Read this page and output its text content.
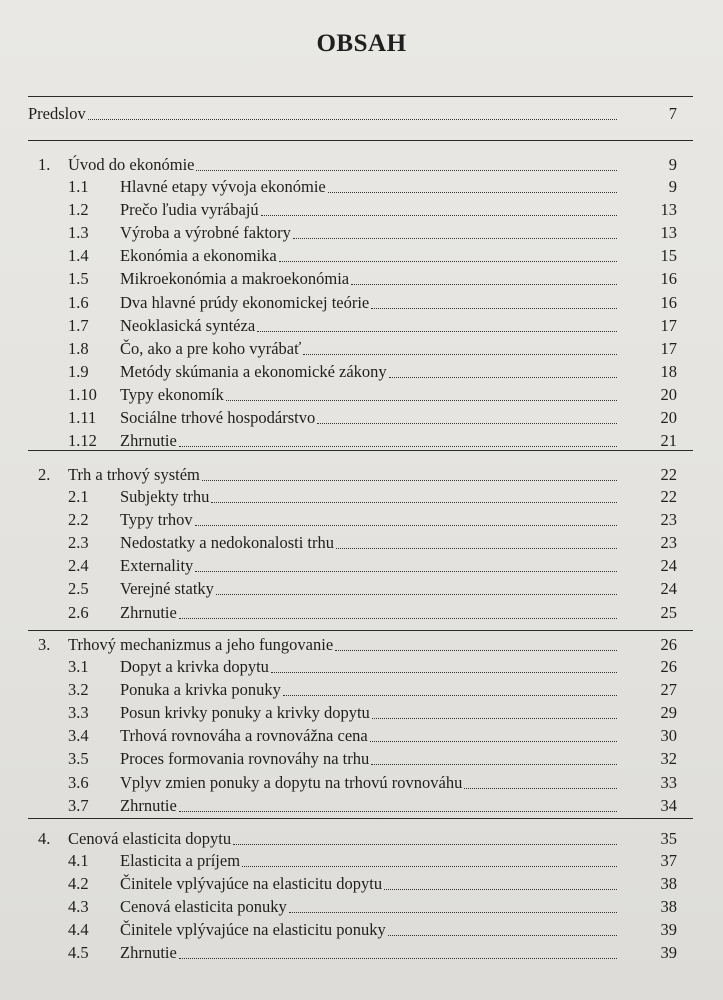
OBSAH
Predslov	7
1.	Úvod do ekonómie	9
1.1	Hlavné etapy vývoja ekonómie	9
1.2	Prečo ľudia vyrábajú	13
1.3	Výroba a výrobné faktory	13
1.4	Ekonómia a ekonomika	15
1.5	Mikroekonómia a makroekonómia	16
1.6	Dva hlavné prúdy ekonomickej teórie	16
1.7	Neoklasická syntéza	17
1.8	Čo, ako a pre koho vyrábať	17
1.9	Metódy skúmania a ekonomické zákony	18
1.10	Typy ekonomík	20
1.11	Sociálne trhové hospodárstvo	20
1.12	Zhrnutie	21
2.	Trh a trhový systém	22
2.1	Subjekty trhu	22
2.2	Typy trhov	23
2.3	Nedostatky a nedokonalosti trhu	23
2.4	Externality	24
2.5	Verejné statky	24
2.6	Zhrnutie	25
3.	Trhový mechanizmus a jeho fungovanie	26
3.1	Dopyt a krivka dopytu	26
3.2	Ponuka a krivka ponuky	27
3.3	Posun krivky ponuky a krivky dopytu	29
3.4	Trhová rovnováha a rovnovážna cena	30
3.5	Proces formovania rovnováhy na trhu	32
3.6	Vplyv zmien ponuky a dopytu na trhovú rovnováhu	33
3.7	Zhrnutie	34
4.	Cenová elasticita dopytu	35
4.1	Elasticita a príjem	37
4.2	Činitele vplývajúce na elasticitu dopytu	38
4.3	Cenová elasticita ponuky	38
4.4	Činitele vplývajúce na elasticitu ponuky	39
4.5	Zhrnutie	39
